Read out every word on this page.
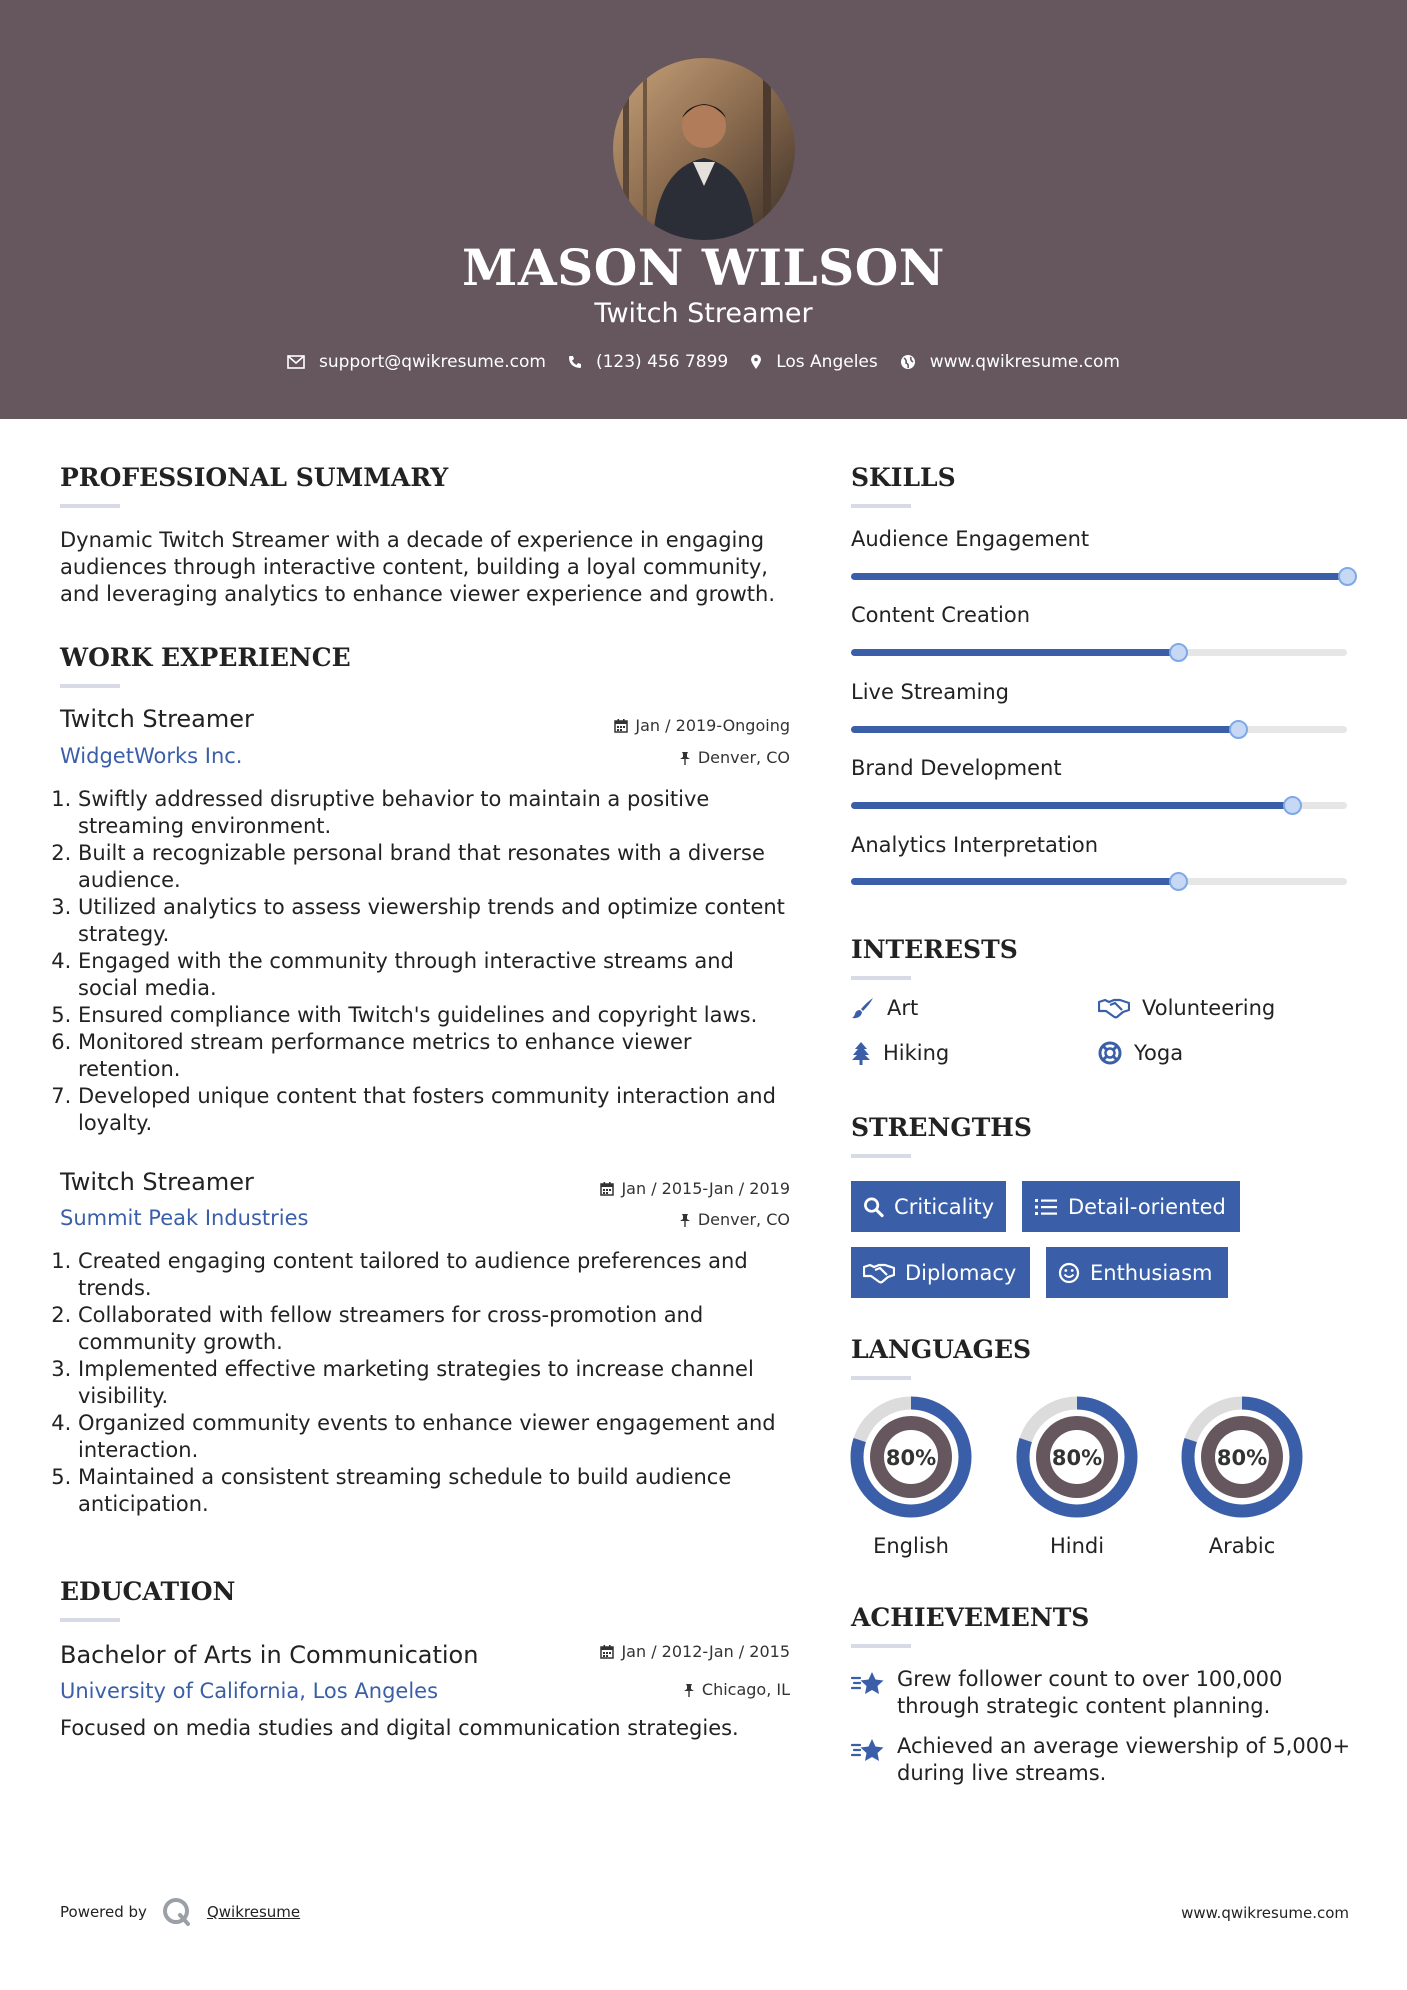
MASON WILSON
Twitch Streamer
support@qwikresume.com	(123) 456 7899	Los Angeles	www.qwikresume.com
PROFESSIONAL SUMMARY
Dynamic Twitch Streamer with a decade of experience in engaging audiences through interactive content, building a loyal community, and leveraging analytics to enhance viewer experience and growth.
WORK EXPERIENCE
Twitch Streamer	Jan / 2019-Ongoing
WidgetWorks Inc.	Denver, CO
1. Swiftly addressed disruptive behavior to maintain a positive streaming environment.
2. Built a recognizable personal brand that resonates with a diverse audience.
3. Utilized analytics to assess viewership trends and optimize content strategy.
4. Engaged with the community through interactive streams and social media.
5. Ensured compliance with Twitch's guidelines and copyright laws.
6. Monitored stream performance metrics to enhance viewer retention.
7. Developed unique content that fosters community interaction and loyalty.
Twitch Streamer	Jan / 2015-Jan / 2019
Summit Peak Industries	Denver, CO
1. Created engaging content tailored to audience preferences and trends.
2. Collaborated with fellow streamers for cross-promotion and community growth.
3. Implemented effective marketing strategies to increase channel visibility.
4. Organized community events to enhance viewer engagement and interaction.
5. Maintained a consistent streaming schedule to build audience anticipation.
EDUCATION
Bachelor of Arts in Communication	Jan / 2012-Jan / 2015
University of California, Los Angeles	Chicago, IL
Focused on media studies and digital communication strategies.
SKILLS
Audience Engagement
Content Creation
Live Streaming
Brand Development
Analytics Interpretation
INTERESTS
Art	Volunteering
Hiking	Yoga
STRENGTHS
Criticality	Detail-oriented
Diplomacy	Enthusiasm
LANGUAGES
80%
English
80%
Hindi
80%
Arabic
ACHIEVEMENTS
Grew follower count to over 100,000 through strategic content planning.
Achieved an average viewership of 5,000+ during live streams.
Powered by	Qwikresume	www.qwikresume.com
